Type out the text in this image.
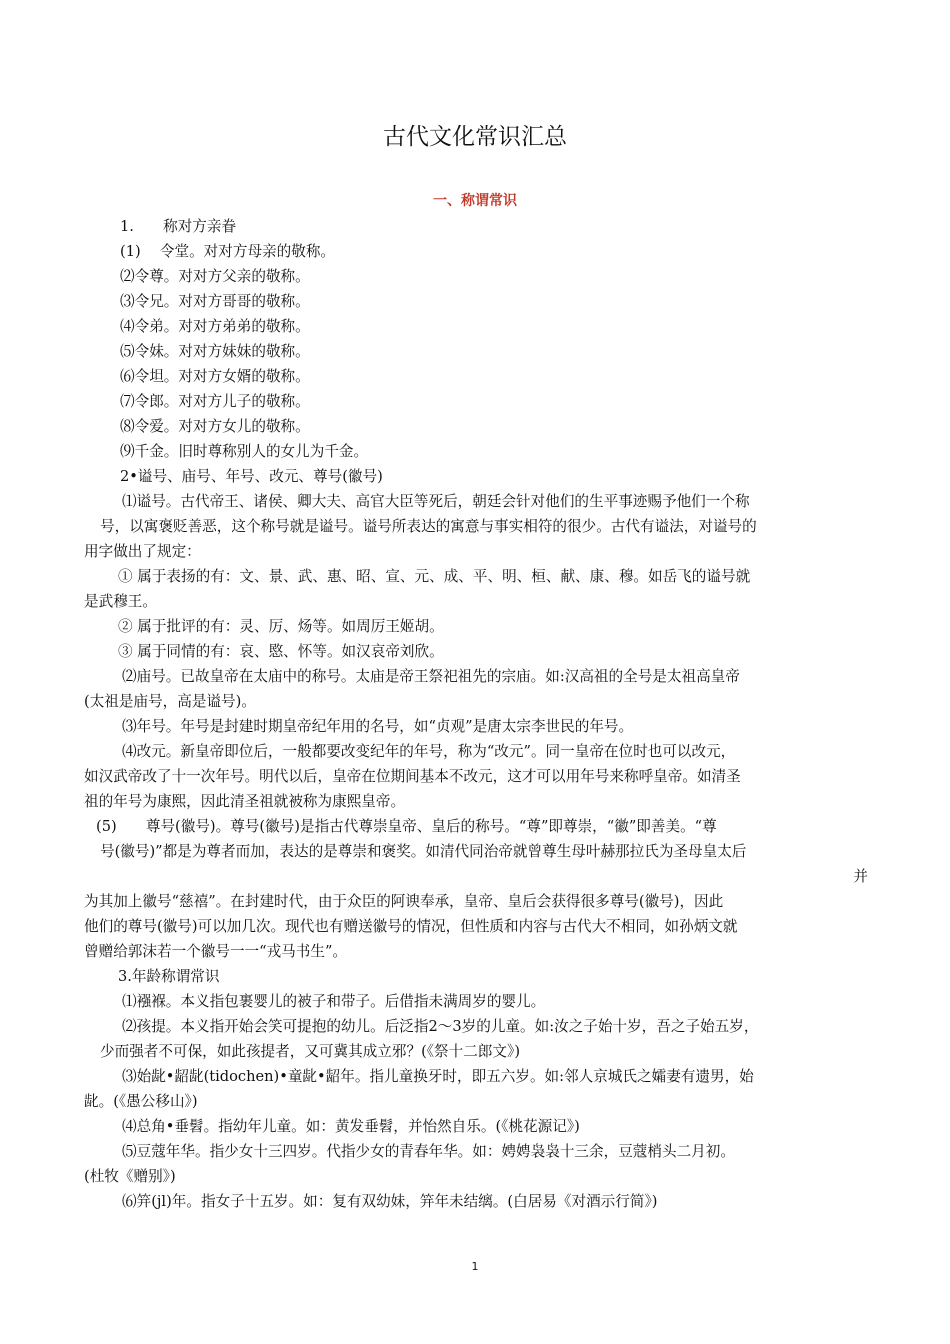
古代文化常识汇总
一、称谓常识

1.　　称对方亲眷

(1)　 令堂。对对方母亲的敬称。

⑵令尊。对对方父亲的敬称。

⑶令兄。对对方哥哥的敬称。

⑷令弟。对对方弟弟的敬称。

⑸令妹。对对方妹妹的敬称。

⑹令坦。对对方女婿的敬称。

⑺令郎。对对方儿子的敬称。

⑻令爱。对对方女儿的敬称。

⑼千金。旧时尊称别人的女儿为千金。

2•谥号、庙号、年号、改元、尊号(徽号)

⑴谥号。古代帝王、诸侯、卿大夫、高官大臣等死后，朝廷会针对他们的生平事迹赐予他们一个称

号，以寓褒贬善恶，这个称号就是谥号。谥号所表达的寓意与事实相符的很少。古代有谥法，对谥号的

用字做出了规定：

① 属于表扬的有：文、景、武、惠、昭、宣、元、成、平、明、桓、献、康、穆。如岳飞的谥号就

是武穆王。

② 属于批评的有：灵、厉、炀等。如周厉王姬胡。

③ 属于同情的有：哀、愍、怀等。如汉哀帝刘欣。

⑵庙号。已故皇帝在太庙中的称号。太庙是帝王祭祀祖先的宗庙。如:汉高祖的全号是太祖高皇帝

(太祖是庙号，高是谥号)。

⑶年号。年号是封建时期皇帝纪年用的名号，如“贞观”是唐太宗李世民的年号。

⑷改元。新皇帝即位后，一般都要改变纪年的年号，称为“改元”。同一皇帝在位时也可以改元，

如汉武帝改了十一次年号。明代以后，皇帝在位期间基本不改元，这才可以用年号来称呼皇帝。如清圣

祖的年号为康熙，因此清圣祖就被称为康熙皇帝。

(5)　　尊号(徽号)。尊号(徽号)是指古代尊崇皇帝、皇后的称号。“尊”即尊崇，“徽”即善美。“尊

号(徽号)”都是为尊者而加，表达的是尊崇和褒奖。如清代同治帝就曾尊生母叶赫那拉氏为圣母皇太后

并

为其加上徽号“慈禧”。在封建时代，由于众臣的阿谀奉承，皇帝、皇后会获得很多尊号(徽号)，因此

他们的尊号(徽号)可以加几次。现代也有赠送徽号的情况，但性质和内容与古代大不相同，如孙炳文就

曾赠给郭沫若一个徽号一一“戎马书生”。

3.年龄称谓常识

⑴襁褓。本义指包裹婴儿的被子和带子。后借指未满周岁的婴儿。

⑵孩提。本义指开始会笑可提抱的幼儿。后泛指2〜3岁的儿童。如:汝之子始十岁，吾之子始五岁，

少而强者不可保，如此孩提者，又可冀其成立邪？(《祭十二郎文》)

⑶始龀•龆龀(tidochen)•童龀•龆年。指儿童换牙时，即五六岁。如:邻人京城氏之孀妻有遗男，始

龀。(《愚公移山》)

⑷总角•垂髫。指幼年儿童。如：黄发垂髫，并怡然自乐。(《桃花源记》)

⑸豆蔻年华。指少女十三四岁。代指少女的青春年华。如：娉娉袅袅十三余，豆蔻梢头二月初。

(杜牧《赠别》)

⑹笄(jl)年。指女子十五岁。如：复有双幼妹，笄年未结缡。(白居易《对酒示行简》)

1
